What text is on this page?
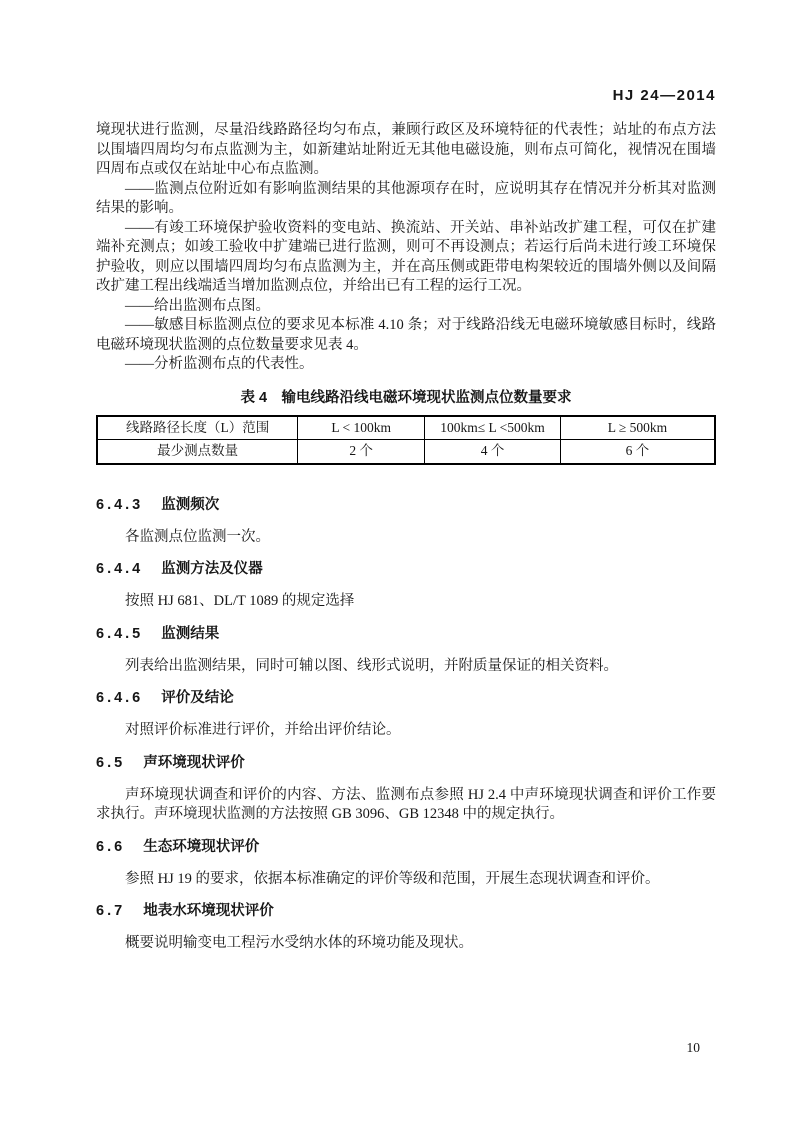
HJ 24—2014

境现状进行监测，尽量沿线路路径均匀布点，兼顾行政区及环境特征的代表性；站址的布点方法以围墙四周均匀布点监测为主，如新建站址附近无其他电磁设施，则布点可简化，视情况在围墙四周布点或仅在站址中心布点监测。

——监测点位附近如有影响监测结果的其他源项存在时，应说明其存在情况并分析其对监测结果的影响。

——有竣工环境保护验收资料的变电站、换流站、开关站、串补站改扩建工程，可仅在扩建端补充测点；如竣工验收中扩建端已进行监测，则可不再设测点；若运行后尚未进行竣工环境保护验收，则应以围墙四周均匀布点监测为主，并在高压侧或距带电构架较近的围墙外侧以及间隔改扩建工程出线端适当增加监测点位，并给出已有工程的运行工况。

——给出监测布点图。

——敏感目标监测点位的要求见本标准 4.10 条；对于线路沿线无电磁环境敏感目标时，线路电磁环境现状监测的点位数量要求见表 4。

——分析监测布点的代表性。

表 4　输电线路沿线电磁环境现状监测点位数量要求
线路路径长度（L）范围	L < 100km	100km≤ L <500km	L ≥ 500km
最少测点数量	2 个	4 个	6 个
6.4.3 监测频次

各监测点位监测一次。

6.4.4 监测方法及仪器

按照 HJ 681、DL/T 1089 的规定选择

6.4.5 监测结果

列表给出监测结果，同时可辅以图、线形式说明，并附质量保证的相关资料。

6.4.6 评价及结论

对照评价标准进行评价，并给出评价结论。

6.5 声环境现状评价

声环境现状调查和评价的内容、方法、监测布点参照 HJ 2.4 中声环境现状调查和评价工作要求执行。声环境现状监测的方法按照 GB 3096、GB 12348 中的规定执行。

6.6 生态环境现状评价

参照 HJ 19 的要求，依据本标准确定的评价等级和范围，开展生态现状调查和评价。

6.7 地表水环境现状评价

概要说明输变电工程污水受纳水体的环境功能及现状。

10
